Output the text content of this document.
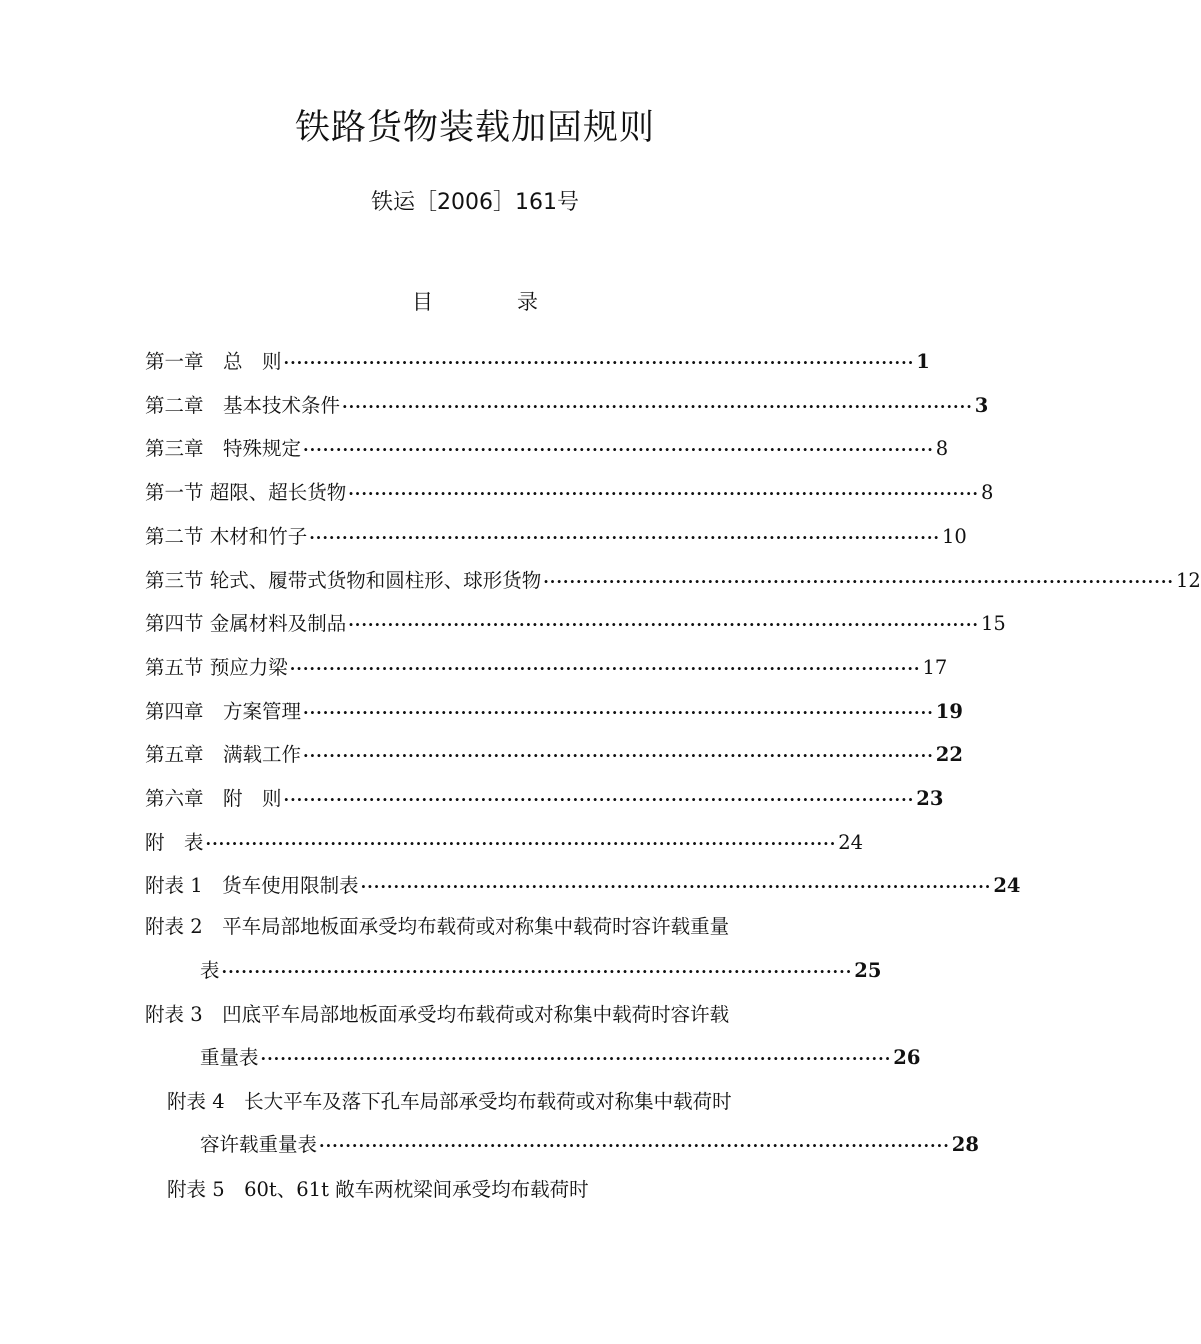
铁路货物装载加固规则
铁运［2006］161号
目	录
第一章　总　则 ································································································ 1
第二章　基本技术条件 ································································································ 3
第三章　特殊规定 ································································································ 8
第一节 超限、超长货物 ································································································ 8
第二节 木材和竹子 ································································································ 10
第三节 轮式、履带式货物和圆柱形、球形货物 ································································································ 12
第四节 金属材料及制品 ································································································ 15
第五节 预应力梁 ································································································ 17
第四章　方案管理 ································································································ 19
第五章　满载工作 ································································································ 22
第六章　附　则 ································································································ 23
附　表 ································································································ 24
附表 1　货车使用限制表 ································································································ 24
附表 2　平车局部地板面承受均布载荷或对称集中载荷时容许载重量
表 ································································································ 25
附表 3　凹底平车局部地板面承受均布载荷或对称集中载荷时容许载
重量表 ································································································ 26
附表 4　长大平车及落下孔车局部承受均布载荷或对称集中载荷时
容许载重量表 ································································································ 28
附表 5　60t、61t 敞车两枕梁间承受均布载荷时
